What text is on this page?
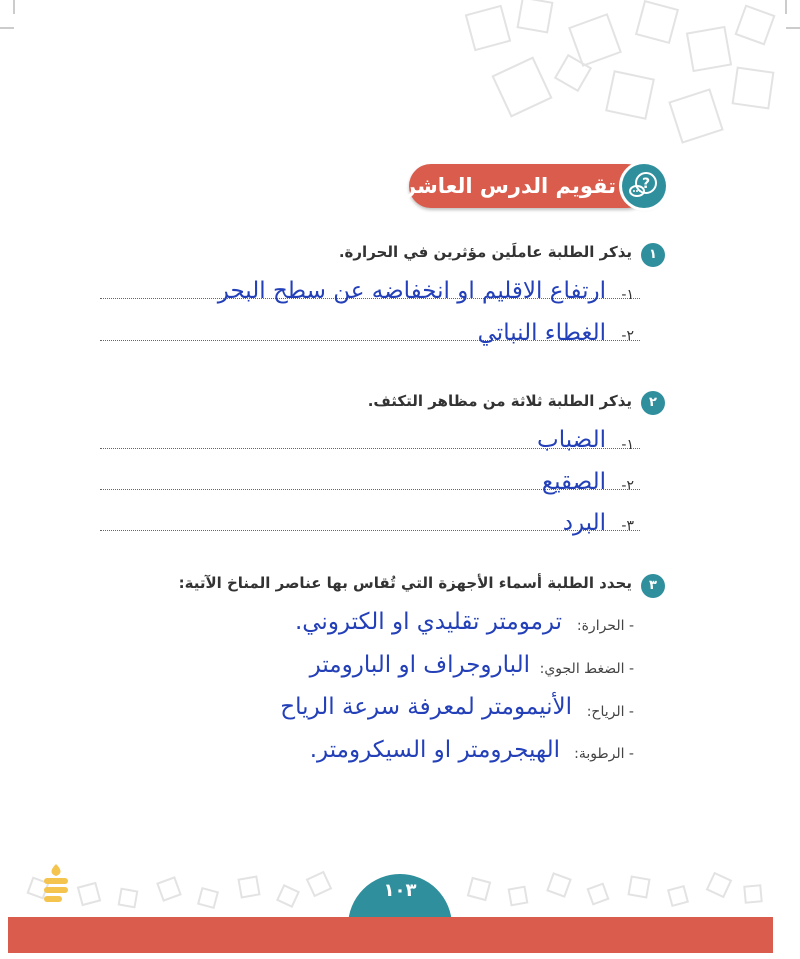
تقويم الدرس العاشر ?
١
يذكر الطلبة عاملَين مؤثرين في الحرارة.
١-
ارتفاع الاقليم او انخفاضه عن سطح البحر
٢-
الغطاء النباتي
٢
يذكر الطلبة ثلاثة من مظاهر التكثف.
١-
الضباب
٢-
الصقيع
٣-
البرد
٣
يحدد الطلبة أسماء الأجهزة التي تُقاس بها عناصر المناخ الآتية:
- الحرارة:
ترمومتر تقليدي او الكتروني.
- الضغط الجوي:
الباروجراف او البارومتر
- الرياح:
الأنيمومتر لمعرفة سرعة الرياح
- الرطوبة:
الهيجرومتر او السيكرومتر.
١٠٣
